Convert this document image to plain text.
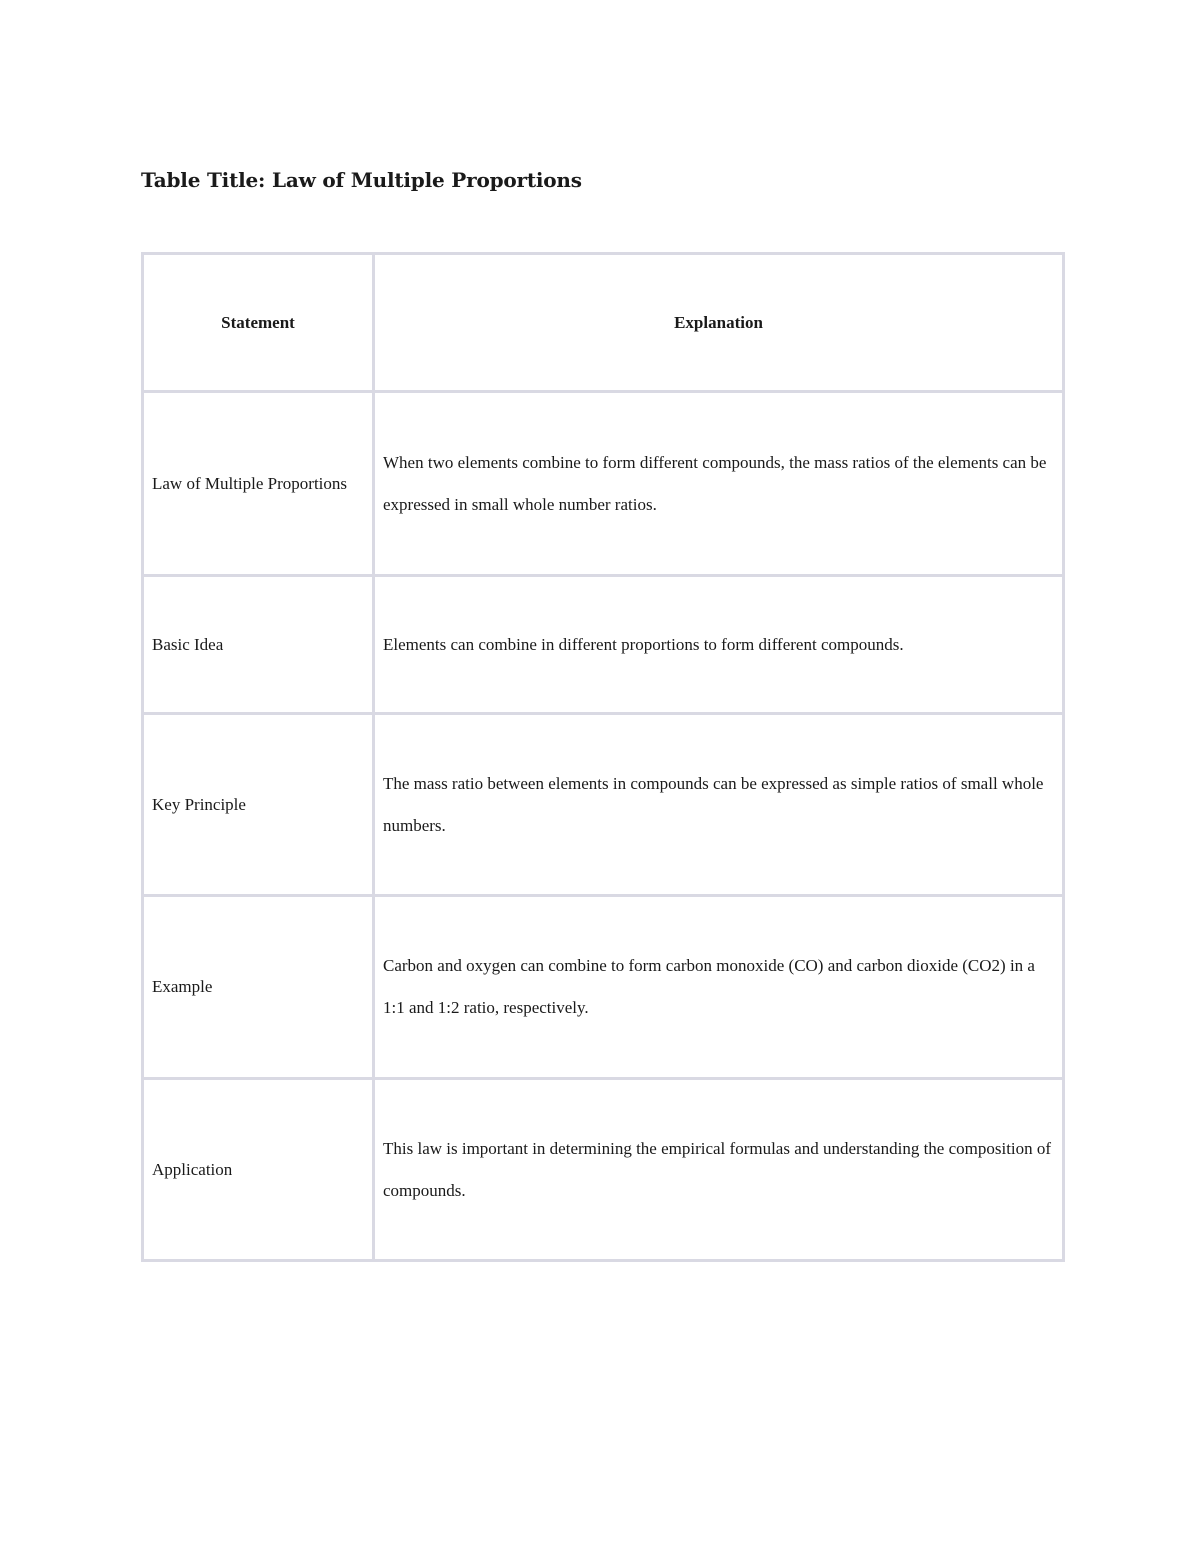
Table Title: Law of Multiple Proportions
Statement	Explanation
Law of Multiple Proportions	When two elements combine to form different compounds, the mass ratios of the elements can be expressed in small whole number ratios.
Basic Idea	Elements can combine in different proportions to form different compounds.
Key Principle	The mass ratio between elements in compounds can be expressed as simple ratios of small whole numbers.
Example	Carbon and oxygen can combine to form carbon monoxide (CO) and carbon dioxide (CO2) in a 1:1 and 1:2 ratio, respectively.
Application	This law is important in determining the empirical formulas and understanding the composition of compounds.
